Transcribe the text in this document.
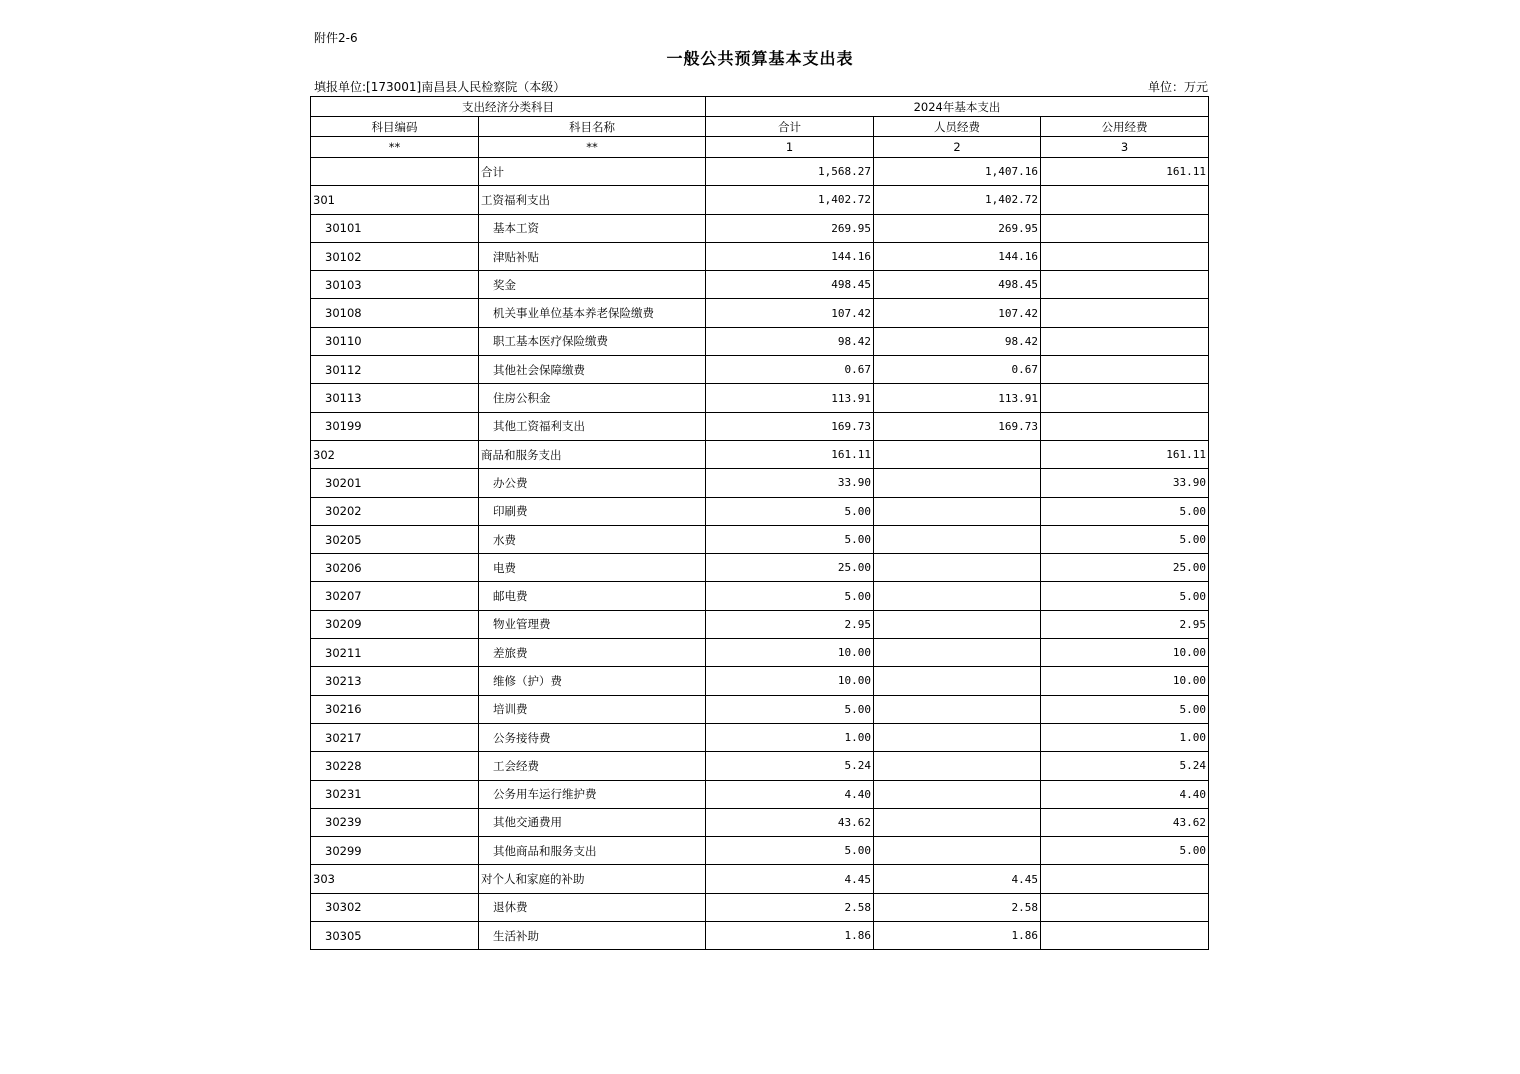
附件2-6
一般公共预算基本支出表
填报单位:[173001]南昌县人民检察院（本级）	单位：万元
支出经济分类科目		2024年基本支出		
科目编码	科目名称	合计	人员经费	公用经费
**	**	1	2	3
	合计	1,568.27	1,407.16	161.11
301	工资福利支出	1,402.72	1,402.72	
30101	基本工资	269.95	269.95	
30102	津贴补贴	144.16	144.16	
30103	奖金	498.45	498.45	
30108	机关事业单位基本养老保险缴费	107.42	107.42	
30110	职工基本医疗保险缴费	98.42	98.42	
30112	其他社会保障缴费	0.67	0.67	
30113	住房公积金	113.91	113.91	
30199	其他工资福利支出	169.73	169.73	
302	商品和服务支出	161.11		161.11
30201	办公费	33.90		33.90
30202	印刷费	5.00		5.00
30205	水费	5.00		5.00
30206	电费	25.00		25.00
30207	邮电费	5.00		5.00
30209	物业管理费	2.95		2.95
30211	差旅费	10.00		10.00
30213	维修（护）费	10.00		10.00
30216	培训费	5.00		5.00
30217	公务接待费	1.00		1.00
30228	工会经费	5.24		5.24
30231	公务用车运行维护费	4.40		4.40
30239	其他交通费用	43.62		43.62
30299	其他商品和服务支出	5.00		5.00
303	对个人和家庭的补助	4.45	4.45	
30302	退休费	2.58	2.58	
30305	生活补助	1.86	1.86	
